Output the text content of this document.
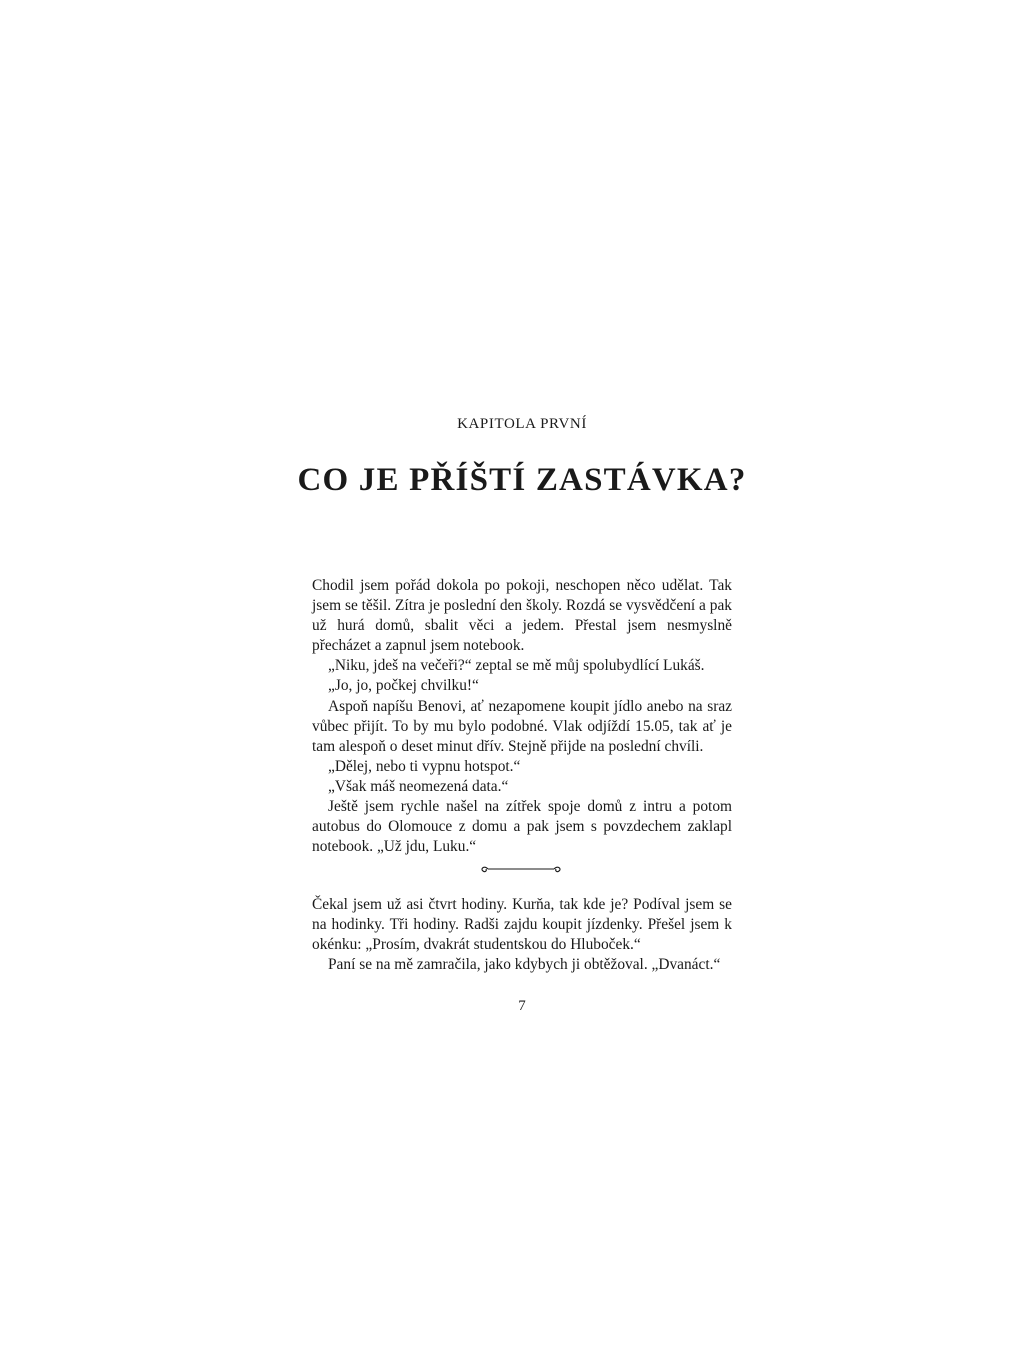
KAPITOLA PRVNÍ

CO JE PŘÍŠTÍ ZASTÁVKA?

Chodil jsem pořád dokola po pokoji, neschopen něco udělat. Tak jsem se těšil. Zítra je poslední den školy. Rozdá se vysvědčení a pak už hurá domů, sbalit věci a jedem. Přestal jsem nesmyslně přecházet a zapnul jsem notebook.

„Niku, jdeš na večeři?“ zeptal se mě můj spolubydlící Lukáš.

„Jo, jo, počkej chvilku!“

Aspoň napíšu Benovi, ať nezapomene koupit jídlo anebo na sraz vůbec přijít. To by mu bylo podobné. Vlak odjíždí 15.05, tak ať je tam alespoň o deset minut dřív. Stejně přijde na poslední chvíli.

„Dělej, nebo ti vypnu hotspot.“

„Však máš neomezená data.“

Ještě jsem rychle našel na zítřek spoje domů z intru a potom autobus do Olomouce z domu a pak jsem s povzdechem zaklapl notebook. „Už jdu, Luku.“

Čekal jsem už asi čtvrt hodiny. Kurňa, tak kde je? Podíval jsem se na hodinky. Tři hodiny. Radši zajdu koupit jízdenky. Přešel jsem k okénku: „Prosím, dvakrát studentskou do Hluboček.“

Paní se na mě zamračila, jako kdybych ji obtěžoval. „Dvanáct.“

7
